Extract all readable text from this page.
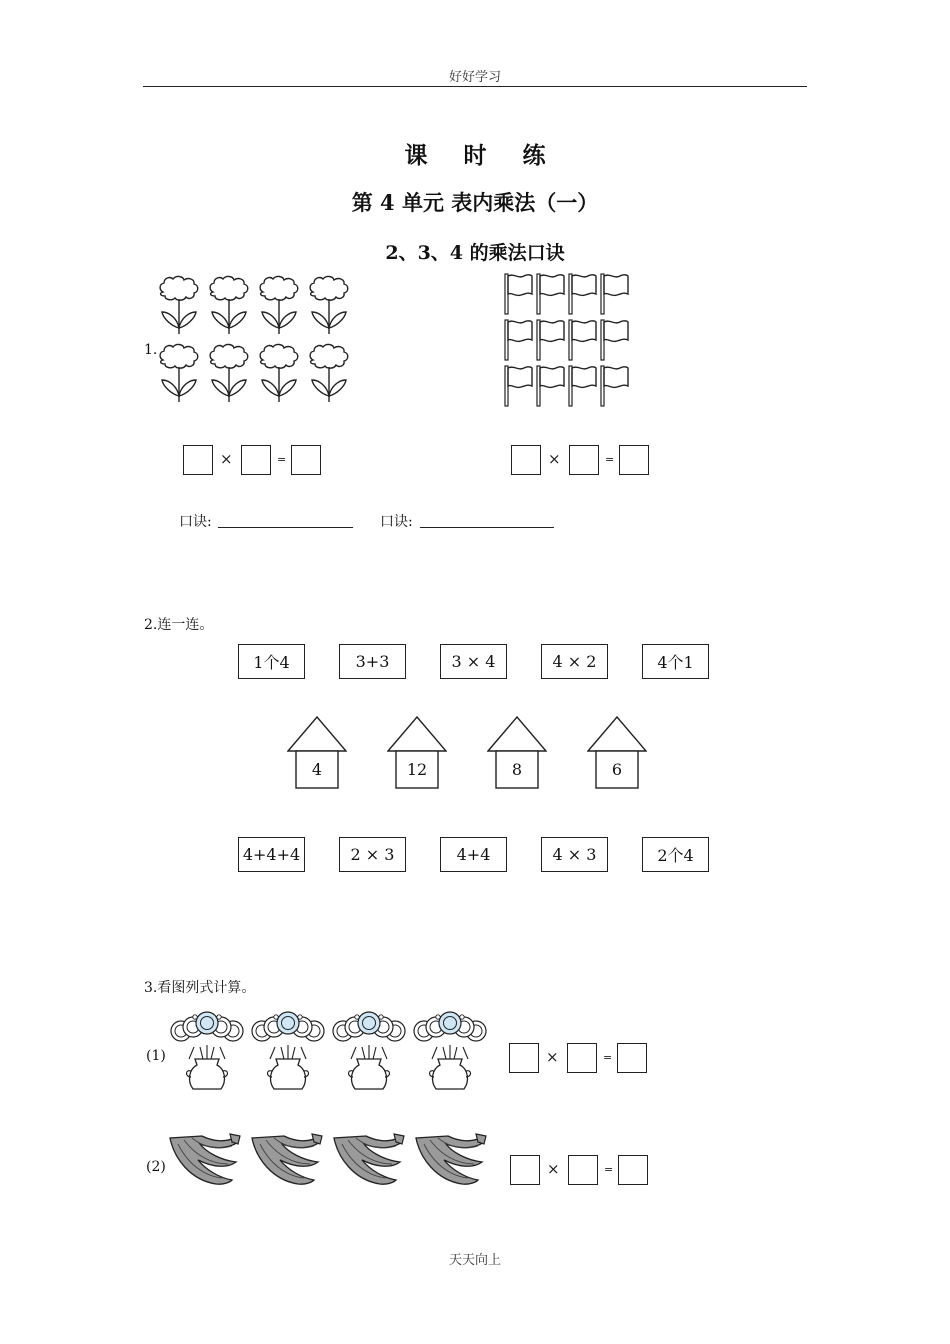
好好学习
天天向上
课 时 练
第 4 单元 表内乘法（一）
2、3、4 的乘法口诀
1.
×	=	×	=
口诀:	口诀:
2.连一连。
1个4	3+3	3 × 4	4 × 2	4个1
4	12	8	6
4+4+4	2 × 3	4+4	4 × 3	2个4
3.看图列式计算。
(1)	×	=
(2)	×	=
